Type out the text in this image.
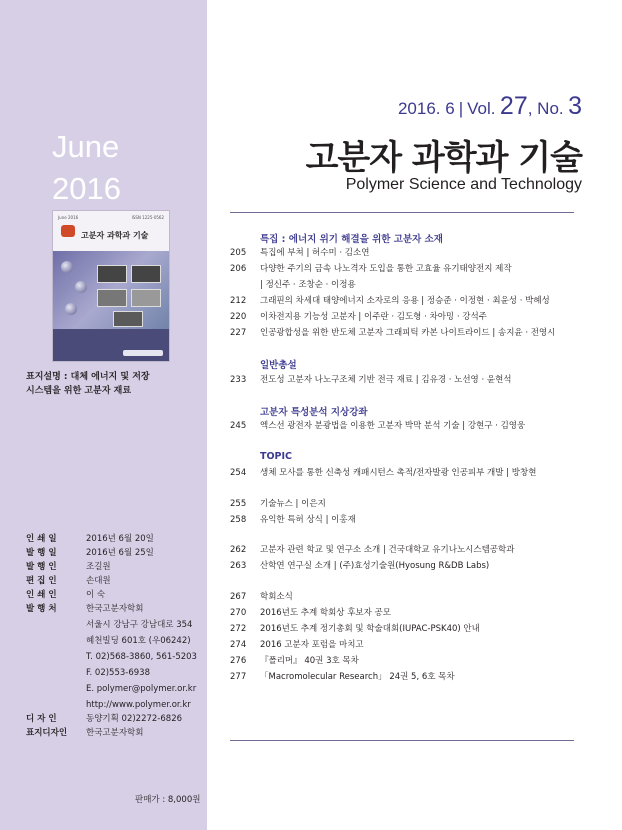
June
2016
June 2016	ISSN 1225-0562
고분자 과학과 기술
표지설명 : 대체 에너지 및 저장
시스템을 위한 고분자 재료
인 쇄 일	2016년 6월 20일
발 행 일	2016년 6월 25일
발 행 인	조길원
편 집 인	손대원
인 쇄 인	이 숙
발 행 처	한국고분자학회
서울시 강남구 강남대로 354
혜천빌딩 601호 (우06242)
T. 02)568-3860, 561-5203
F. 02)553-6938
E. polymer@polymer.or.kr
http://www.polymer.or.kr
디 자 인	동양기획 02)2272-6826
표지디자인 한국고분자학회
판매가 : 8,000원
2016. 6 | Vol. 27, No. 3
고분자 과학과 기술
Polymer Science and Technology
특집 : 에너지 위기 해결을 위한 고분자 소재
205 특집에 부쳐 | 허수미 · 김소연
206 다양한 주기의 금속 나노격자 도입을 통한 고효율 유기태양전지 제작
| 정신주 · 조창순 · 이정용
212 그래핀의 차세대 태양에너지 소자로의 응용 | 정승준 · 이정현 · 최윤성 · 박혜성
220 이차전지용 기능성 고분자 | 이주란 · 김도형 · 차아밍 · 강석주
227 인공광합성을 위한 반도체 고분자 그래피틱 카본 나이트라이드 | 송지윤 · 전영시
일반총설
233 전도성 고분자 나노구조체 기반 전극 재료 | 김유경 · 노선영 · 윤현석
고분자 특성분석 지상강좌
245 엑스선 광전자 분광법을 이용한 고분자 박막 분석 기술 | 강현구 · 김영웅
TOPIC
254 생체 모사를 통한 신축성 캐패시턴스 촉적/전자발광 인공피부 개발 | 방창현
255 기술뉴스 | 이은지
258 유익한 특허 상식 | 이홍재
262 고분자 관련 학교 및 연구소 소개 | 건국대학교 유기나노시스템공학과
263 산학연 연구실 소개 | (주)효성기술원(Hyosung R&DB Labs)
267 학회소식
270 2016년도 추계 학회상 후보자 공모
272 2016년도 추계 정기총회 및 학술대회(IUPAC-PSK40) 안내
274 2016 고분자 포럼을 마치고
276 『폴리머』 40권 3호 목차
277 「Macromolecular Research」 24권 5, 6호 목차
